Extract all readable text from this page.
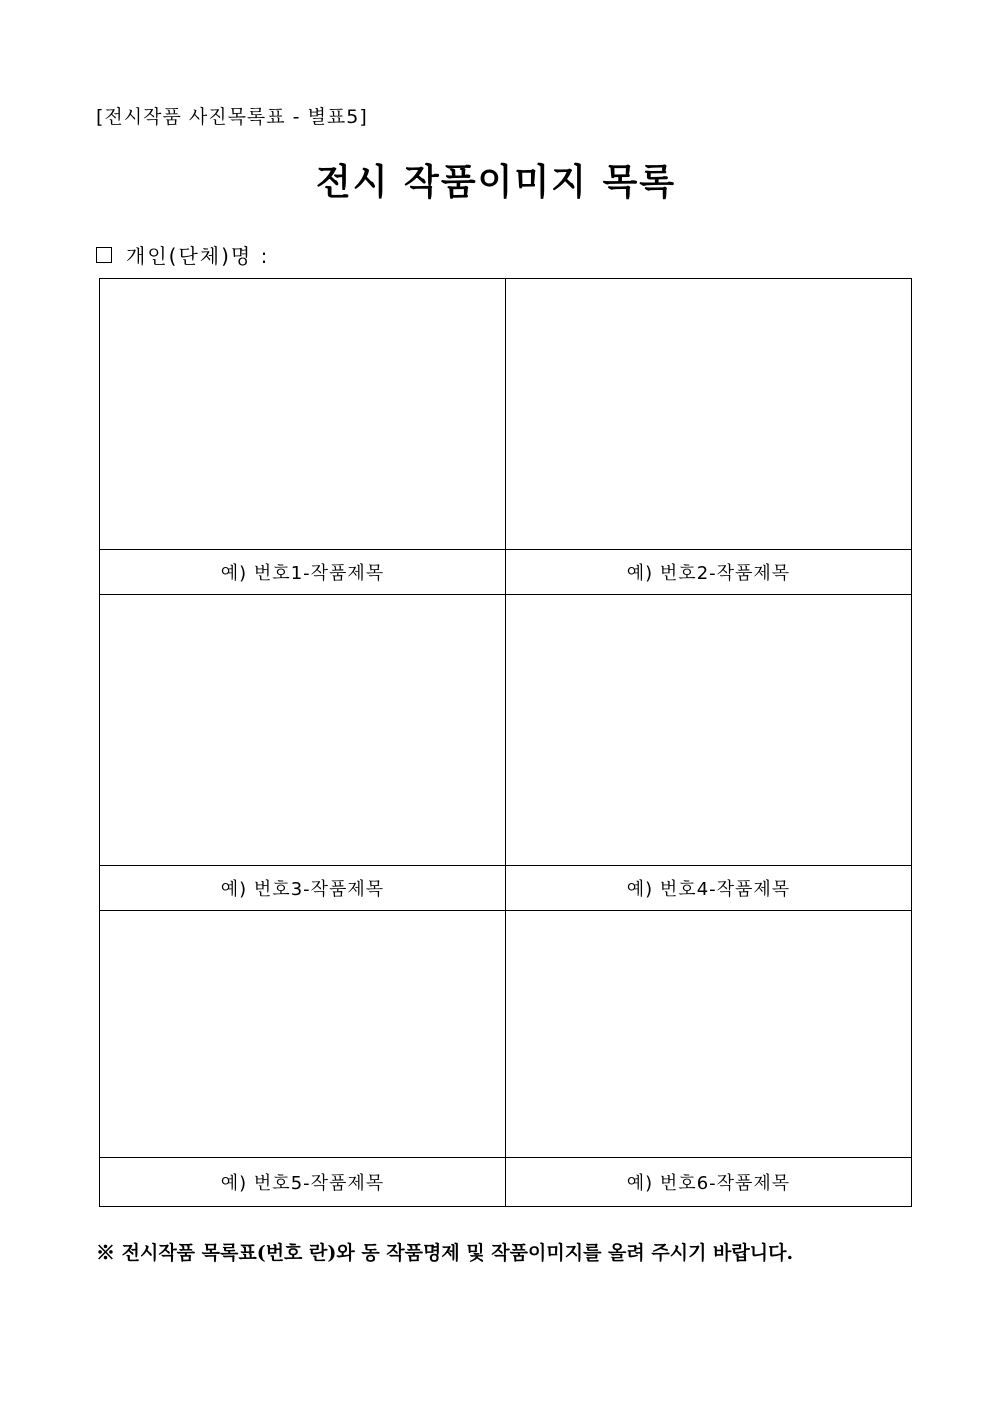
[전시작품 사진목록표 - 별표5]
전시 작품이미지 목록
개인(단체)명 :

예) 번호1-작품제목	예) 번호2-작품제목

예) 번호3-작품제목	예) 번호4-작품제목

예) 번호5-작품제목	예) 번호6-작품제목
※ 전시작품 목록표(번호 란)와 동 작품명제 및 작품이미지를 올려 주시기 바랍니다.
